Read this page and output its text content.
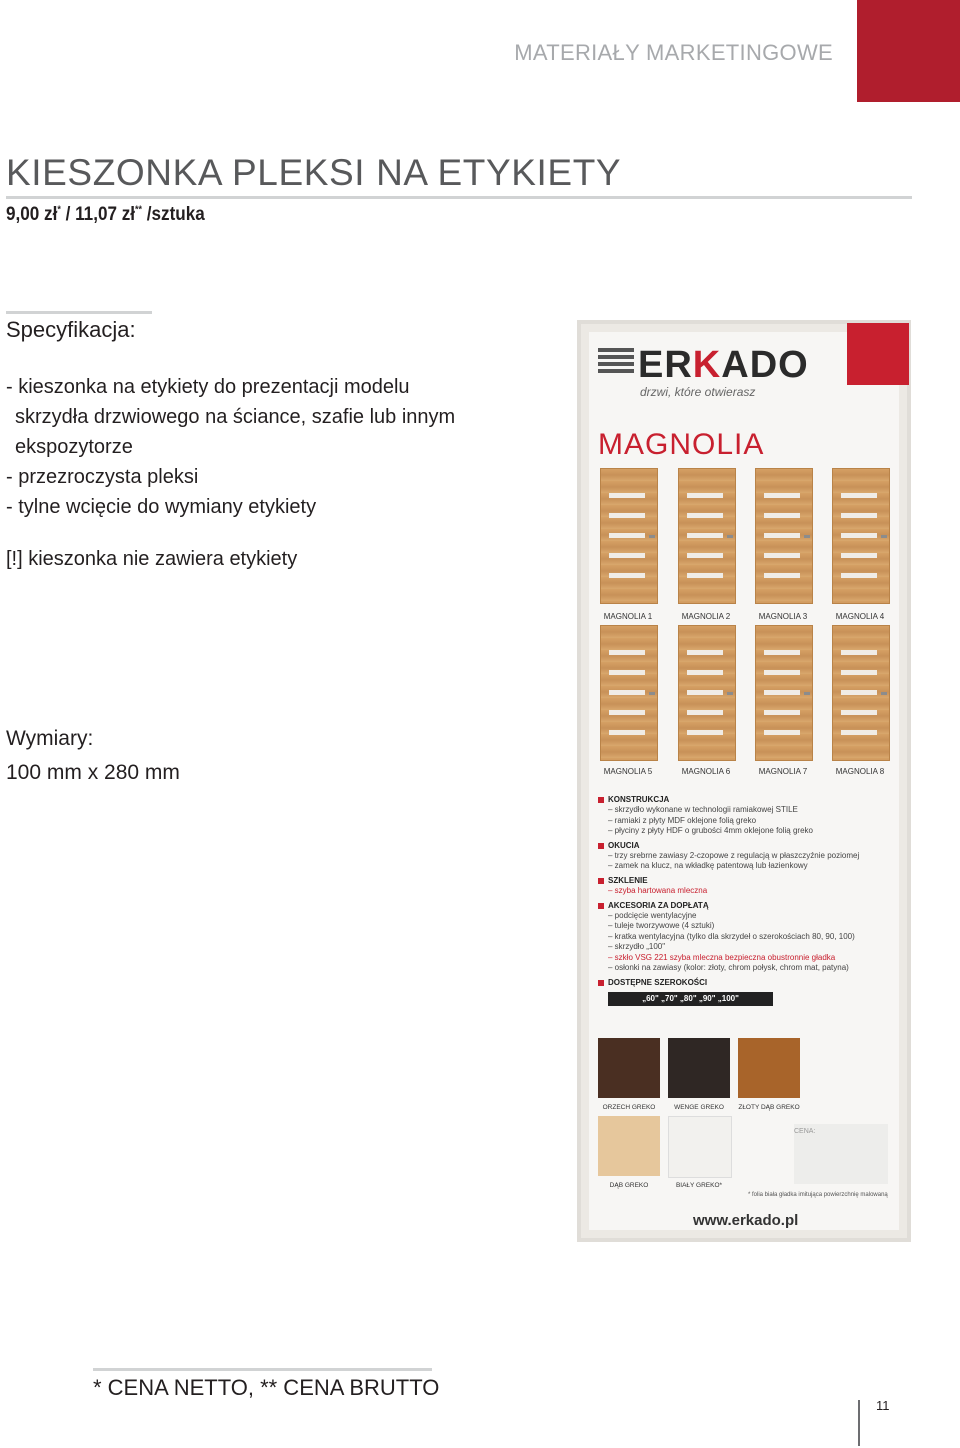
MATERIAŁY MARKETINGOWE
KIESZONKA PLEKSI NA ETYKIETY
9,00 zł* / 11,07 zł** /sztuka
Specyfikacja:
- kieszonka na etykiety do prezentacji modelu
skrzydła drzwiowego na ściance, szafie lub innym
ekspozytorze
- przezroczysta pleksi
- tylne wcięcie do wymiany etykiety
[!] kieszonka nie zawiera etykiety
Wymiary:
100 mm x 280 mm
ERKADO
drzwi, które otwierasz
MAGNOLIA
MAGNOLIA 1	MAGNOLIA 2	MAGNOLIA 3	MAGNOLIA 4
MAGNOLIA 5	MAGNOLIA 6	MAGNOLIA 7	MAGNOLIA 8
KONSTRUKCJA
– skrzydło wykonane w technologii ramiakowej STILE
– ramiaki z płyty MDF oklejone folią greko
– płyciny z płyty HDF o grubości 4mm oklejone folią greko
OKUCIA
– trzy srebrne zawiasy 2-czopowe z regulacją w płaszczyźnie poziomej
– zamek na klucz, na wkładkę patentową lub łazienkowy
SZKLENIE
– szyba hartowana mleczna
AKCESORIA ZA DOPŁATĄ
– podcięcie wentylacyjne
– tuleje tworzywowe (4 sztuki)
– kratka wentylacyjna (tylko dla skrzydeł o szerokościach 80, 90, 100)
– skrzydło „100"
– szkło VSG 221 szyba mleczna bezpieczna obustronnie gładka
– osłonki na zawiasy (kolor: złoty, chrom połysk, chrom mat, patyna)
DOSTĘPNE SZEROKOŚCI
„60" „70" „80" „90" „100"
ORZECH GREKO	WENGE GREKO	ZŁOTY DĄB GREKO
DĄB GREKO	BIAŁY GREKO*
CENA:
* folia biała gładka imitująca powierzchnię malowaną
www.erkado.pl
* CENA NETTO, ** CENA BRUTTO
11
